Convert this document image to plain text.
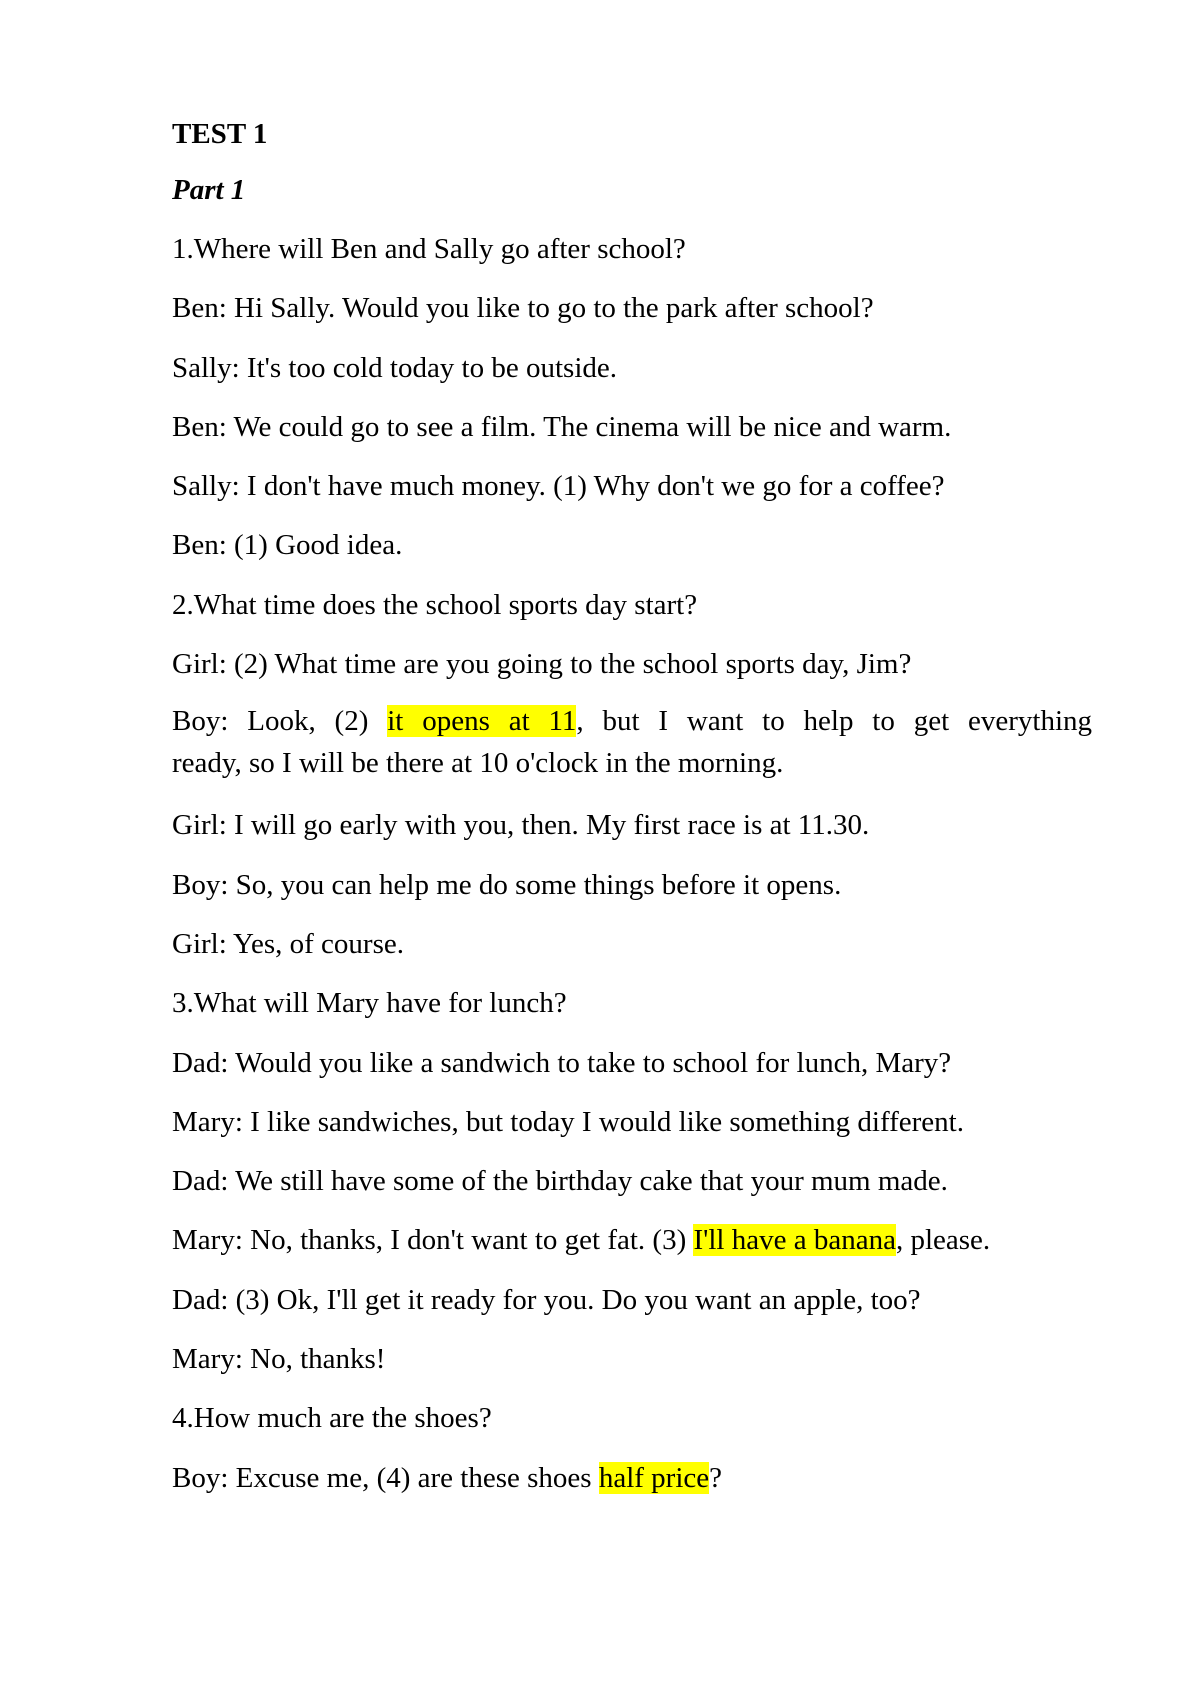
TEST 1

Part 1

1.Where will Ben and Sally go after school?

Ben: Hi Sally. Would you like to go to the park after school?

Sally: It's too cold today to be outside.

Ben: We could go to see a film. The cinema will be nice and warm.

Sally: I don't have much money. (1) Why don't we go for a coffee?

Ben: (1) Good idea.

2.What time does the school sports day start?

Girl: (2) What time are you going to the school sports day, Jim?

Boy: Look, (2) it opens at 11, but I want to help to get everything
ready, so I will be there at 10 o'clock in the morning.

Girl: I will go early with you, then. My first race is at 11.30.

Boy: So, you can help me do some things before it opens.

Girl: Yes, of course.

3.What will Mary have for lunch?

Dad: Would you like a sandwich to take to school for lunch, Mary?

Mary: I like sandwiches, but today I would like something different.

Dad: We still have some of the birthday cake that your mum made.

Mary: No, thanks, I don't want to get fat. (3) I'll have a banana, please.

Dad: (3) Ok, I'll get it ready for you. Do you want an apple, too?

Mary: No, thanks!

4.How much are the shoes?

Boy: Excuse me, (4) are these shoes half price?
